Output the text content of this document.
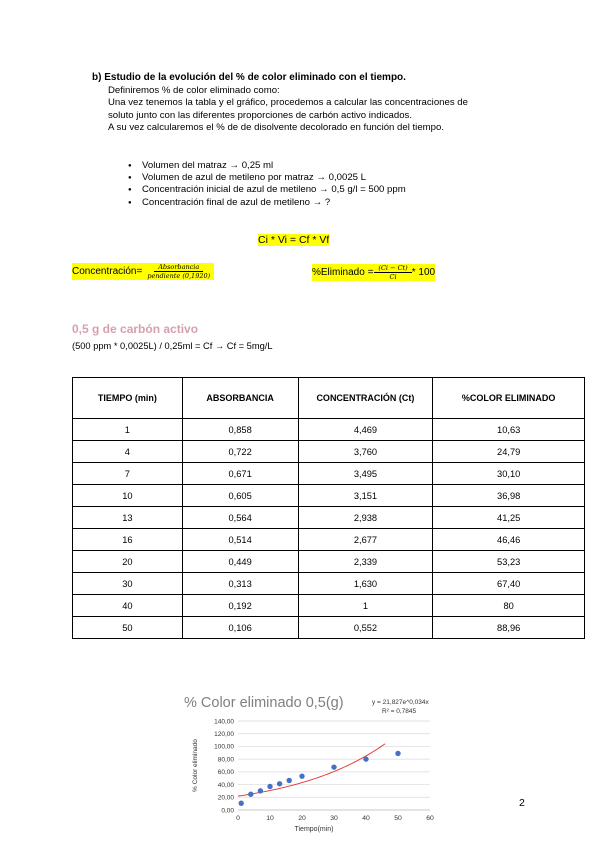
b) Estudio de la evolución del % de color eliminado con el tiempo.
Definiremos % de color eliminado como:
Una vez tenemos la tabla y el gráfico, procedemos a calcular las concentraciones de
soluto junto con las diferentes proporciones de carbón activo indicados.
A su vez calcularemos el % de de disolvente decolorado en función del tiempo.
● Volumen del matraz → 0,25 ml
● Volumen de azul de metileno por matraz → 0,0025 L
● Concentración inicial de azul de metileno → 0,5 g/l = 500 ppm
● Concentración final de azul de metileno → ?
Ci * Vi = Cf * Vf
Concentración= $\frac{\text{Absorbancia}}{\text{pendiente (0,1920)}}$	%Eliminado = $\frac{(Ci - Ct)}{Ci} * 100$
0,5 g de carbón activo
(500 ppm * 0,0025L) / 0,25ml = Cf → Cf = 5mg/L
TIEMPO (min)	ABSORBANCIA	CONCENTRACIÓN (Ct)	%COLOR ELIMINADO
1	0,858	4,469	10,63
4	0,722	3,760	24,79
7	0,671	3,495	30,10
10	0,605	3,151	36,98
13	0,564	2,938	41,25
16	0,514	2,677	46,46
20	0,449	2,339	53,23
30	0,313	1,630	67,40
40	0,192	1	80
50	0,106	0,552	88,96
% Color eliminado 0,5(g)	y = 21,827e^0,034x
R² = 0,7845
0,00
20,00
40,00
60,00
80,00
100,00
120,00
140,00
0	10	20	30	40	50	60
Tiempo(min)
% Color eliminado
2
